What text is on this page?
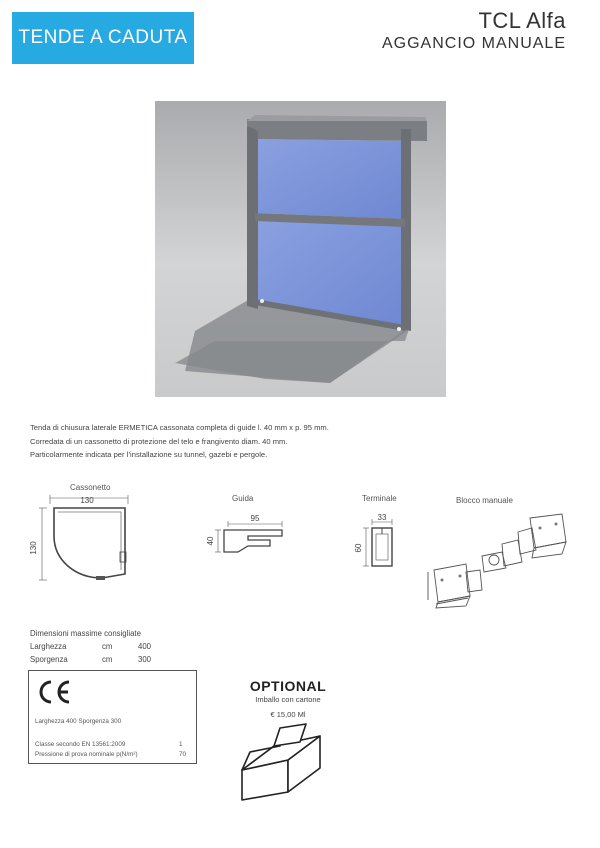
TENDE A CADUTA
TCL Alfa
AGGANCIO MANUALE
Tenda di chiusura laterale ERMETICA cassonata completa di guide l. 40 mm x p. 95 mm.
Corredata di un cassonetto di protezione del telo e frangivento diam. 40 mm.
Particolarmente indicata per l’installazione su tunnel, gazebi e pergole.
Cassonetto
130
130
Guida
95
40
Terminale
33
60
Blocco manuale
Dimensioni massime consigliate
Larghezza	cm	400
Sporgenza	cm	300
Larghezza 400 Sporgenza 300
Classe secondo EN 13561:2009	1
Pressione di prova nominale p(N/m²)	70
OPTIONAL
Imballo con cartone
€ 15,00 Ml
